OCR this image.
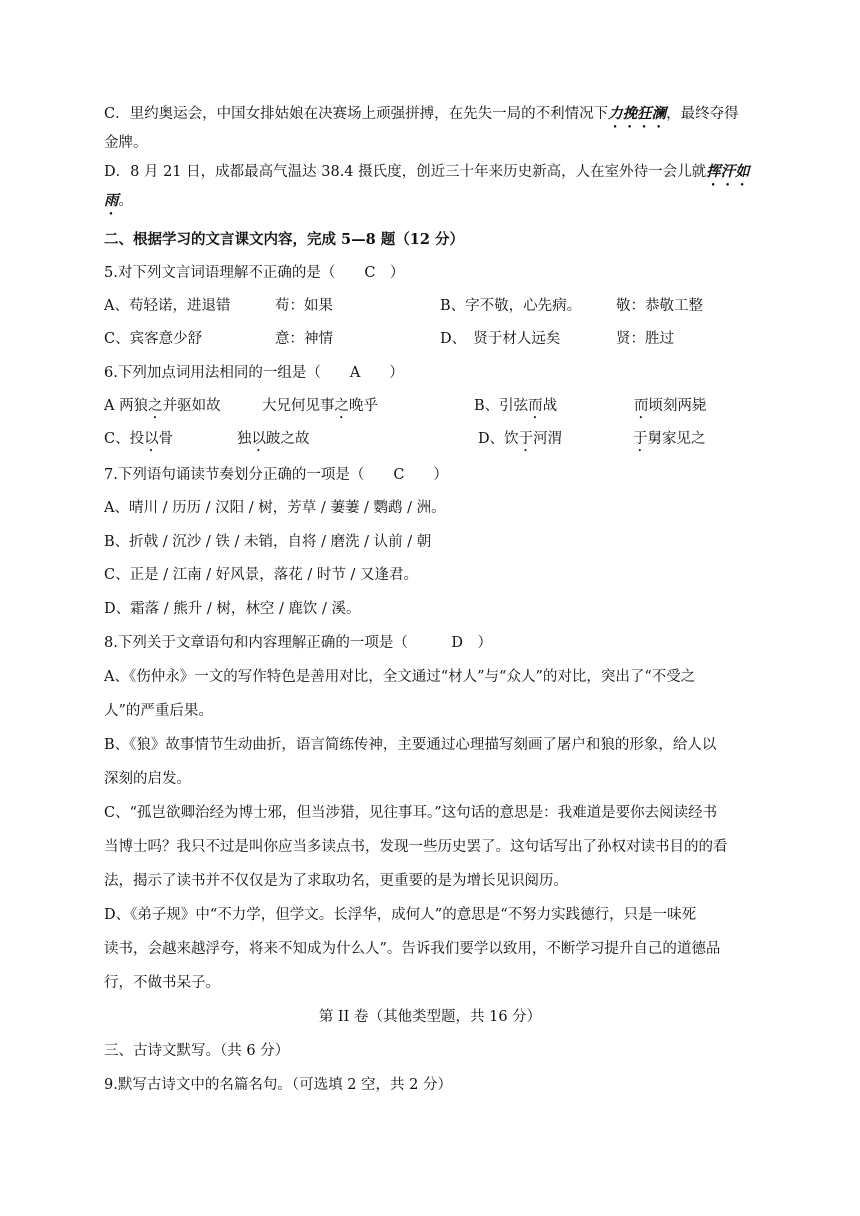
C．里约奥运会，中国女排姑娘在决赛场上顽强拼搏，在先失一局的不利情况下力挽狂澜，最终夺得
金牌。
D．8 月 21 日，成都最高气温达 38.4 摄氏度，创近三十年来历史新高，人在室外待一会儿就挥汗如
雨。
二、根据学习的文言课文内容，完成 5—8 题（12 分）
5.对下列文言词语理解不正确的是（　　C　）
A、苟轻诺，进退错	苟：如果	B、字不敬，心先病。 敬：恭敬工整
C、宾客意少舒	意：神情	D、　贤于材人远矣	贤：胜过
6.下列加点词用法相同的一组是（　　A　　）
A 两狼之并驱如故	大兄何见事之晚乎	B、引弦而战	而顷刻两毙
C、投以骨	独以跛之故	D、饮于河渭	于舅家见之
7.下列语句诵读节奏划分正确的一项是（　　C　　）
A、晴川 / 历历 / 汉阳 / 树，芳草 / 萋萋 / 鹦鹉 / 洲。
B、折戟 / 沉沙 / 铁 / 未销，自将 / 磨洗 / 认前 / 朝
C、正是 / 江南 / 好风景，落花 / 时节 / 又逢君。
D、霜落 / 熊升 / 树，林空 / 鹿饮 / 溪。
8.下列关于文章语句和内容理解正确的一项是（　　　D　）
A、《伤仲永》一文的写作特色是善用对比，全文通过“材人”与“众人”的对比，突出了“不受之
人”的严重后果。
B、《狼》故事情节生动曲折，语言简练传神，主要通过心理描写刻画了屠户和狼的形象，给人以
深刻的启发。
C、“孤岂欲卿治经为博士邪，但当涉猎，见往事耳。”这句话的意思是：我难道是要你去阅读经书
当博士吗？我只不过是叫你应当多读点书，发现一些历史罢了。这句话写出了孙权对读书目的的看
法，揭示了读书并不仅仅是为了求取功名，更重要的是为增长见识阅历。
D、《弟子规》中“不力学，但学文。长浮华，成何人”的意思是“不努力实践德行，只是一味死
读书，会越来越浮夸，将来不知成为什么人”。告诉我们要学以致用，不断学习提升自己的道德品
行，不做书呆子。
第 II 卷（其他类型题，共 16 分）
三、古诗文默写。（共 6 分）
9.默写古诗文中的名篇名句。（可选填 2 空，共 2 分）
